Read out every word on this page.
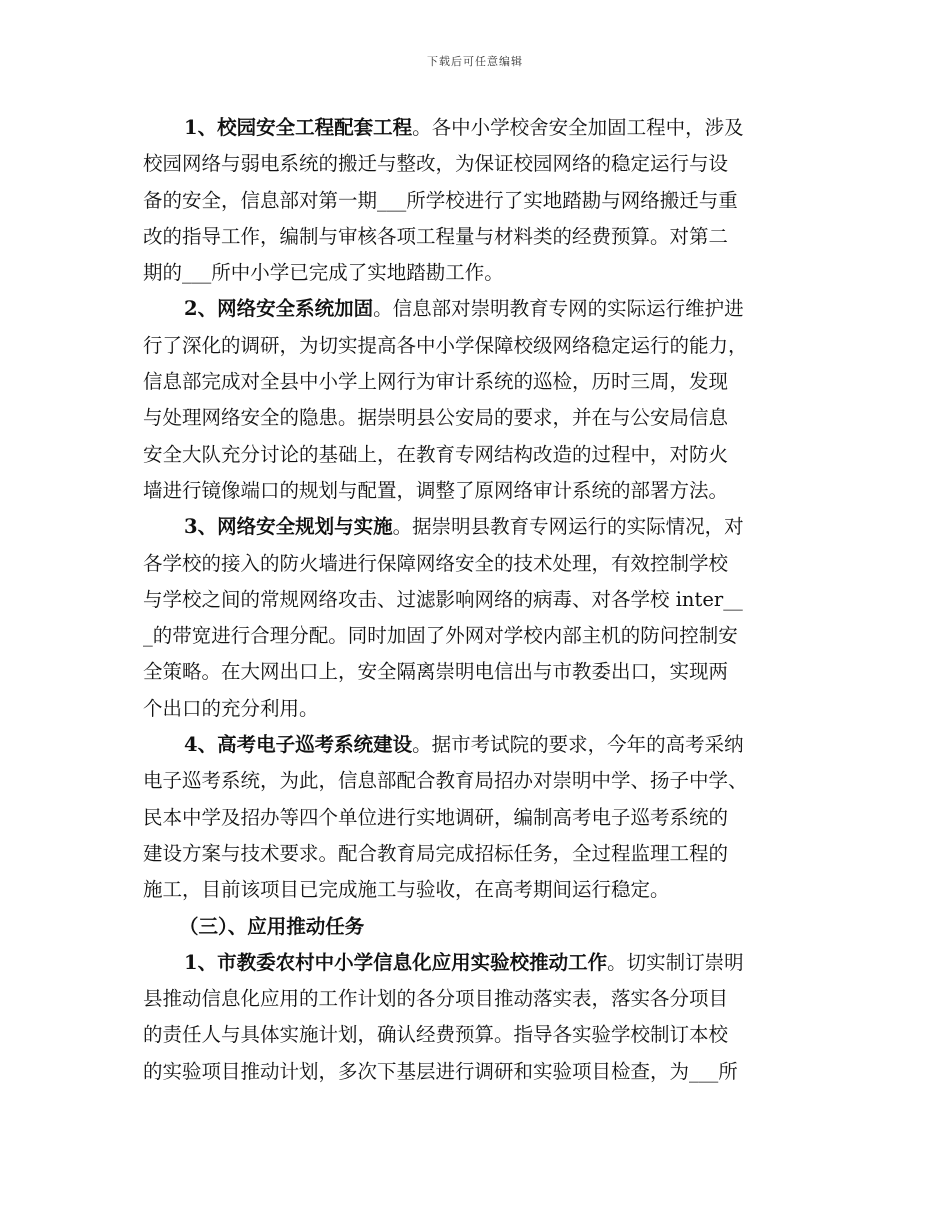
下载后可任意编辑
1、校园安全工程配套工程。各中小学校舍安全加固工程中，涉及
校园网络与弱电系统的搬迁与整改，为保证校园网络的稳定运行与设
备的安全，信息部对第一期___所学校进行了实地踏勘与网络搬迁与重
改的指导工作，编制与审核各项工程量与材料类的经费预算。对第二
期的___所中小学已完成了实地踏勘工作。
2、网络安全系统加固。信息部对崇明教育专网的实际运行维护进
行了深化的调研，为切实提高各中小学保障校级网络稳定运行的能力，
信息部完成对全县中小学上网行为审计系统的巡检，历时三周，发现
与处理网络安全的隐患。据崇明县公安局的要求，并在与公安局信息
安全大队充分讨论的基础上，在教育专网结构改造的过程中，对防火
墙进行镜像端口的规划与配置，调整了原网络审计系统的部署方法。
3、网络安全规划与实施。据崇明县教育专网运行的实际情况，对
各学校的接入的防火墙进行保障网络安全的技术处理，有效控制学校
与学校之间的常规网络攻击、过滤影响网络的病毒、对各学校 inter__
_的带宽进行合理分配。同时加固了外网对学校内部主机的防问控制安
全策略。在大网出口上，安全隔离崇明电信出与市教委出口，实现两
个出口的充分利用。
4、高考电子巡考系统建设。据市考试院的要求，今年的高考采纳
电子巡考系统，为此，信息部配合教育局招办对崇明中学、扬子中学、
民本中学及招办等四个单位进行实地调研，编制高考电子巡考系统的
建设方案与技术要求。配合教育局完成招标任务，全过程监理工程的
施工，目前该项目已完成施工与验收，在高考期间运行稳定。
（三）、应用推动任务
1、市教委农村中小学信息化应用实验校推动工作。切实制订崇明
县推动信息化应用的工作计划的各分项目推动落实表，落实各分项目
的责任人与具体实施计划，确认经费预算。指导各实验学校制订本校
的实验项目推动计划，多次下基层进行调研和实验项目检查，为___所
